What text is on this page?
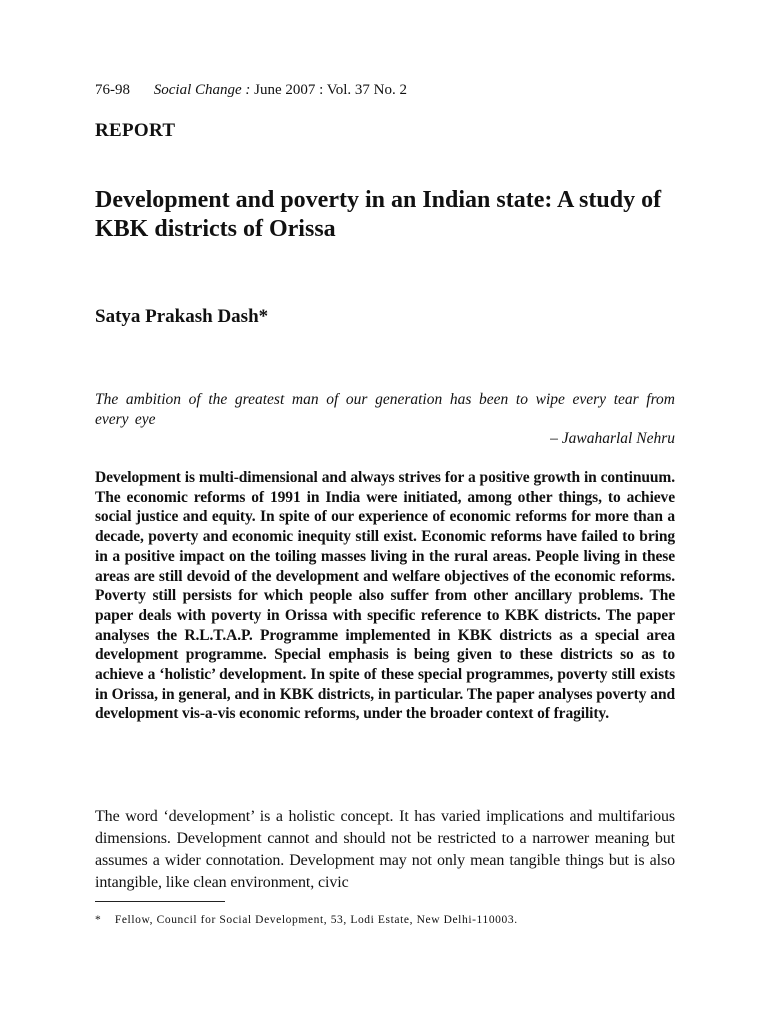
76-98 Social Change : June 2007 : Vol. 37 No. 2
REPORT
Development and poverty in an Indian state: A study of KBK districts of Orissa
Satya Prakash Dash*
The ambition of the greatest man of our generation has been to wipe every tear from every eye
– Jawaharlal Nehru

Development is multi-dimensional and always strives for a positive growth in continuum. The economic reforms of 1991 in India were initiated, among other things, to achieve social justice and equity. In spite of our experience of economic reforms for more than a decade, poverty and economic inequity still exist. Economic reforms have failed to bring in a positive impact on the toiling masses living in the rural areas. People living in these areas are still devoid of the development and welfare objectives of the economic reforms. Poverty still persists for which people also suffer from other ancillary problems. The paper deals with poverty in Orissa with specific reference to KBK districts. The paper analyses the R.L.T.A.P. Programme implemented in KBK districts as a special area development programme. Special emphasis is being given to these districts so as to achieve a ‘holistic’ development. In spite of these special programmes, poverty still exists in Orissa, in general, and in KBK districts, in particular. The paper analyses poverty and development vis-a-vis economic reforms, under the broader context of fragility.

The word ‘development’ is a holistic concept. It has varied implications and multifarious dimensions. Development cannot and should not be restricted to a narrower meaning but assumes a wider connotation. Development may not only mean tangible things but is also intangible, like clean environment, civic

* Fellow, Council for Social Development, 53, Lodi Estate, New Delhi-110003.
